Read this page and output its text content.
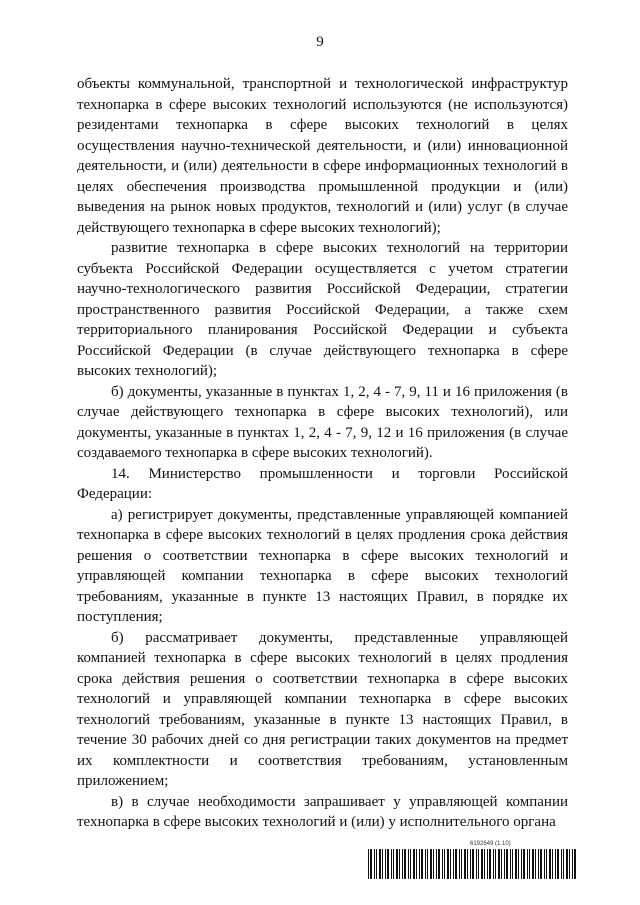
9

объекты коммунальной, транспортной и технологической инфраструктур технопарка в сфере высоких технологий используются (не используются) резидентами технопарка в сфере высоких технологий в целях осуществления научно-технической деятельности, и (или) инновационной деятельности, и (или) деятельности в сфере информационных технологий в целях обеспечения производства промышленной продукции и (или) выведения на рынок новых продуктов, технологий и (или) услуг (в случае действующего технопарка в сфере высоких технологий);

развитие технопарка в сфере высоких технологий на территории субъекта Российской Федерации осуществляется с учетом стратегии научно-технологического развития Российской Федерации, стратегии пространственного развития Российской Федерации, а также схем территориального планирования Российской Федерации и субъекта Российской Федерации (в случае действующего технопарка в сфере высоких технологий);

б) документы, указанные в пунктах 1, 2, 4 - 7, 9, 11 и 16 приложения (в случае действующего технопарка в сфере высоких технологий), или документы, указанные в пунктах 1, 2, 4 - 7, 9, 12 и 16 приложения (в случае создаваемого технопарка в сфере высоких технологий).

14. Министерство промышленности и торговли Российской Федерации:

а) регистрирует документы, представленные управляющей компанией технопарка в сфере высоких технологий в целях продления срока действия решения о соответствии технопарка в сфере высоких технологий и управляющей компании технопарка в сфере высоких технологий требованиям, указанные в пункте 13 настоящих Правил, в порядке их поступления;

б) рассматривает документы, представленные управляющей компанией технопарка в сфере высоких технологий в целях продления срока действия решения о соответствии технопарка в сфере высоких технологий и управляющей компании технопарка в сфере высоких технологий требованиям, указанные в пункте 13 настоящих Правил, в течение 30 рабочих дней со дня регистрации таких документов на предмет их комплектности и соответствия требованиям, установленным приложением;

в) в случае необходимости запрашивает у управляющей компании технопарка в сфере высоких технологий и (или) у исполнительного органа

6192649 (1.10)
